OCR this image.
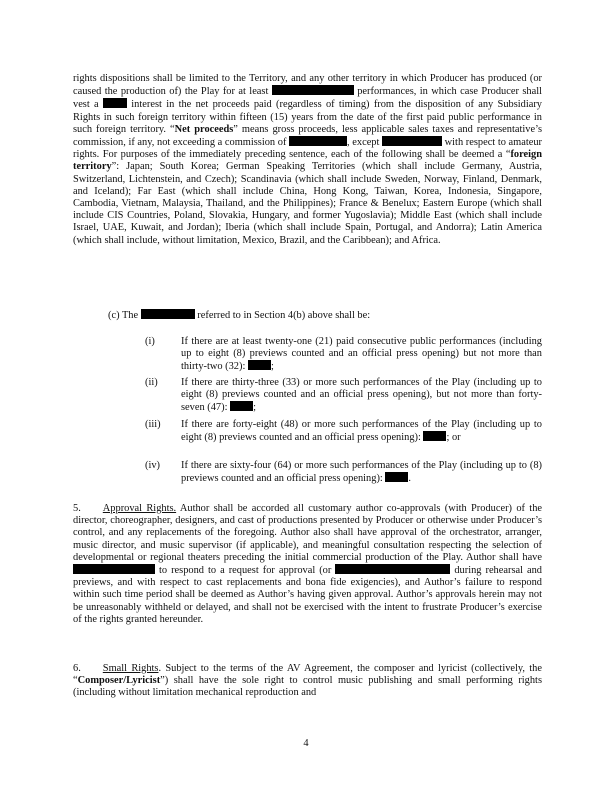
rights dispositions shall be limited to the Territory, and any other territory in which Producer has produced (or caused the production of) the Play for at least	performances, in which case Producer shall vest a  interest in the net proceeds paid (regardless of timing) from the disposition of any Subsidiary Rights in such foreign territory within fifteen (15) years from the date of the first paid public performance in such foreign territory. “Net proceeds” means gross proceeds, less applicable sales taxes and representative’s commission, if any, not exceeding a commission of	, except	with respect to amateur rights. For purposes of the immediately preceding sentence, each of the following shall be deemed a “foreign territory”: Japan; South Korea; German Speaking Territories (which shall include Germany, Austria, Switzerland, Lichtenstein, and Czech); Scandinavia (which shall include Sweden, Norway, Finland, Denmark, and Iceland); Far East (which shall include China, Hong Kong, Taiwan, Korea, Indonesia, Singapore, Cambodia, Vietnam, Malaysia, Thailand, and the Philippines); France & Benelux; Eastern Europe (which shall include CIS Countries, Poland, Slovakia, Hungary, and former Yugoslavia); Middle East (which shall include Israel, UAE, Kuwait, and Jordan); Iberia (which shall include Spain, Portugal, and Andorra); Latin America (which shall include, without limitation, Mexico, Brazil, and the Caribbean); and Africa.

(c) The	referred to in Section 4(b) above shall be:

(i)	If there are at least twenty-one (21) paid consecutive public performances (including up to eight (8) previews counted and an official press opening) but not more than thirty-two (32): ;
(ii) If there are thirty-three (33) or more such performances of the Play (including up to eight (8) previews counted and an official press opening), but not more than forty-seven (47): ;
(iii) If there are forty-eight (48) or more such performances of the Play (including up to eight (8) previews counted and an official press opening): ; or
(iv) If there are sixty-four (64) or more such performances of the Play (including up to (8) previews counted and an official press opening): .

5. Approval Rights. Author shall be accorded all customary author co-approvals (with Producer) of the director, choreographer, designers, and cast of productions presented by Producer or otherwise under Producer’s control, and any replacements of the foregoing. Author also shall have approval of the orchestrator, arranger, music director, and music supervisor (if applicable), and meaningful consultation respecting the selection of developmental or regional theaters preceding the initial commercial production of the Play. Author shall have  to respond to a request for approval (or	during rehearsal and previews, and with respect to cast replacements and bona fide exigencies), and Author’s failure to respond within such time period shall be deemed as Author’s having given approval. Author’s approvals herein may not be unreasonably withheld or delayed, and shall not be exercised with the intent to frustrate Producer’s exercise of the rights granted hereunder.

6. Small Rights. Subject to the terms of the AV Agreement, the composer and lyricist (collectively, the “Composer/Lyricist”) shall have the sole right to control music publishing and small performing rights (including without limitation mechanical reproduction and

4
